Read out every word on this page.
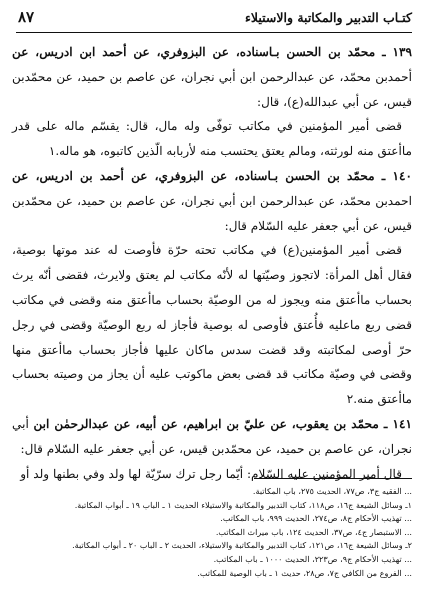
كتـاب التدبير والمكاتبة والاستيلاء
٨٧

١٣٩ ـ محمّد بن الحسن بـاسناده، عن البزوفري، عن أحمد ابن ادريس، عن أحمدبن محمّد، عن عبدالرحمن ابن أبي نجران، عن عاصم بن حميد، عن محمّدبن قيس، عن أبي عبدالله(ع)، قال:

قضى أمير المؤمنين في مكاتب توفّى وله مال، قال: يقسّم ماله على قدر ماأعتق منه لورثته، ومالم يعتق يحتسب منه لأربابه الّذين كاتبوه، هو ماله.١

١٤٠ ـ محمّد بن الحسن بـاسناده، عن البزوفري، عن أحمد بن ادريس، عن احمدبن محمّد، عن عبدالرحمن ابن أبي نجران، عن عاصم بن حميد، عن محمّدبن قيس، عن أبي جعفر عليه السّلام قال:

قضى أمير المؤمنين(ع) في مكاتب تحته حرّة فأوصت له عند موتها بوصية، فقال أهل المرأة: لاتجوز وصيّتها له لأنّه مكاتب لم يعتق ولايرث، فقضى أنّه يرث بحساب ماأعتق منه ويجوز له من الوصيّة بحساب ماأعتق منه وقضى في مكاتب قضى ربع ماعليه فأُعتق فأوصى له بوصية فأجاز له ربع الوصيّة وقضى في رجل حرّ أوصى لمكاتبته وقد قضت سدس ماكان عليها فأجاز بحساب ماأعتق منها وقضى في وصيّة مكاتب قد قضى بعض ماكوتب عليه أن يجاز من وصيته بحساب ماأعتق منه.٢

١٤١ ـ محمّد بن يعقوب، عن عليّ بن ابراهيم، عن أبيه، عن عبدالرحمٰن ابن أبي نجران، عن عاصم بن حميد، عن محمّدبن قيس، عن أبي جعفر عليه السّلام قال:

قال أمير المؤمنين عليه السّلام: أيّما رجل ترك سرّيّة لها ولد وفي بطنها ولد أو

... الفقيه ج٣، ص٧٧، الحديث ٢٧٥، باب المكاتبة.

١ـ وسائل الشيعة ج١٦، ص١١٨، كتاب التدبير والمكاتبة والاستيلاء الحديث ١ ـ الباب ١٩ ـ أبواب المكاتبة.

... تهذيب الأحكام ج٨، ص٢٧٤، الحديث ٩٩٩، باب المكاتب.

... الاستبصار ج٤، ص٣٧، الحديث ١٢٤، باب ميراث المكاتب.

٢ـ وسائل الشيعة ج١٦، ص١٢١، كتاب التدبير والمكاتبة والاستيلاء، الحديث ٢ ـ الباب ٢٠ ـ أبواب المكاتبة.

... تهذيب الأحكام ج٩، ص٢٢٣، الحديث ١٠٠٠ ـ باب المكاتب.

... الفروع من الكافي ج٧، ص٢٨، حديث ١ ـ باب الوصية للمكاتب.
